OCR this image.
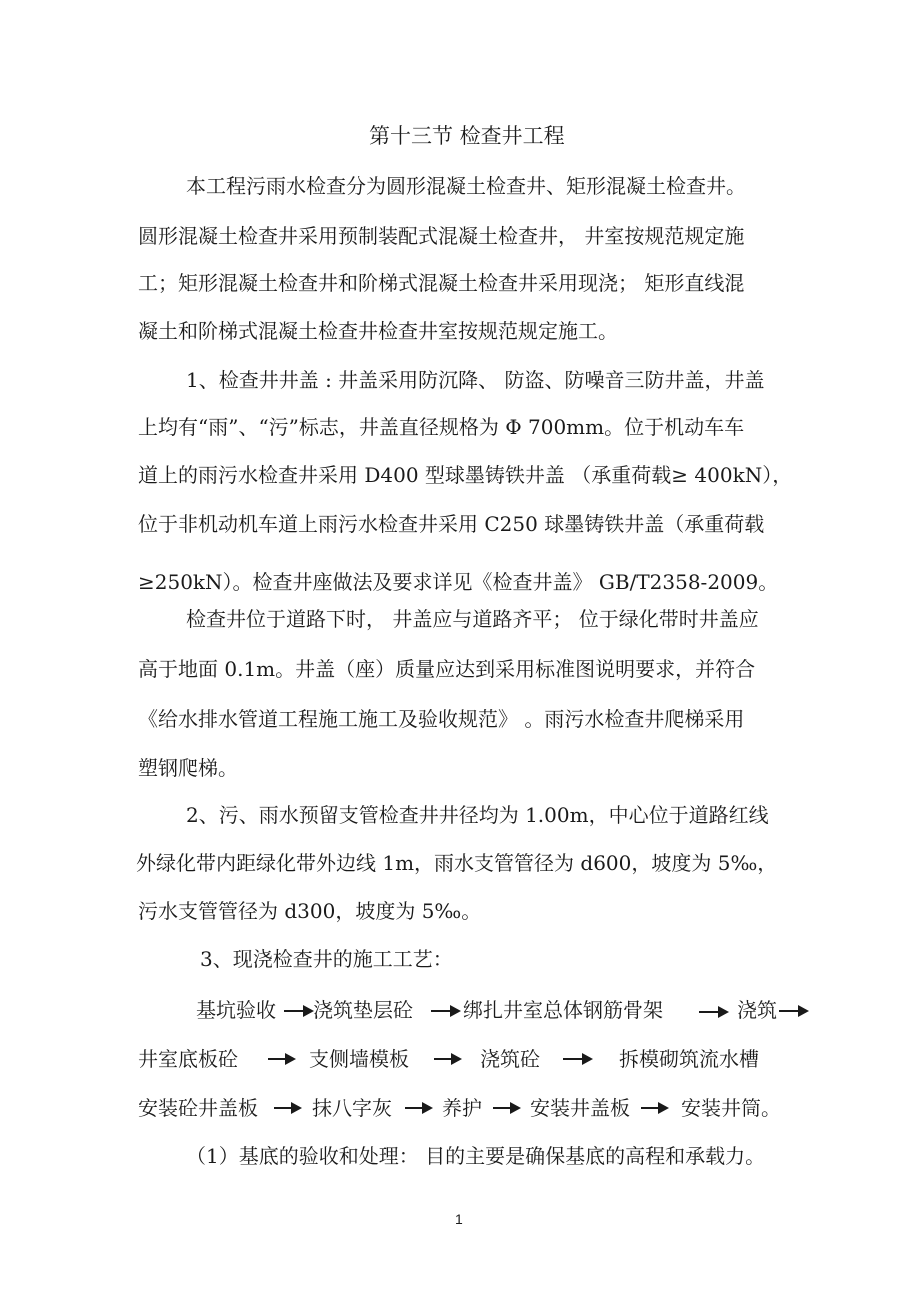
第十三节 检查井工程
本工程污雨水检查分为圆形混凝土检查井、矩形混凝土检查井。
圆形混凝土检查井采用预制装配式混凝土检查井， 井室按规范规定施
工；矩形混凝土检查井和阶梯式混凝土检查井采用现浇； 矩形直线混
凝土和阶梯式混凝土检查井检查井室按规范规定施工。
1、检查井井盖 : 井盖采用防沉降、 防盗、防噪音三防井盖，井盖
上均有“雨”、“污”标志，井盖直径规格为 Φ 700mm。位于机动车车
道上的雨污水检查井采用 D400 型球墨铸铁井盖 （承重荷载≥ 400kN），
位于非机动机车道上雨污水检查井采用 C250 球墨铸铁井盖（承重荷载
≥250kN）。检查井座做法及要求详见《检查井盖》 GB/T2358-2009。
检查井位于道路下时， 井盖应与道路齐平； 位于绿化带时井盖应
高于地面 0.1m。井盖（座）质量应达到采用标准图说明要求，并符合
《给水排水管道工程施工施工及验收规范》 。雨污水检查井爬梯采用
塑钢爬梯。
2、污、雨水预留支管检查井井径均为 1.00m，中心位于道路红线
外绿化带内距绿化带外边线 1m，雨水支管管径为 d600，坡度为 5‰，
污水支管管径为 d300，坡度为 5‰。
3、现浇检查井的施工工艺：
基坑验收 浇筑垫层砼	绑扎井室总体钢筋骨架	浇筑
井室底板砼	支侧墙模板	浇筑砼	拆模砌筑流水槽
安装砼井盖板	抹八字灰	养护 安装井盖板	安装井筒。
（1）基底的验收和处理： 目的主要是确保基底的高程和承载力。
1
